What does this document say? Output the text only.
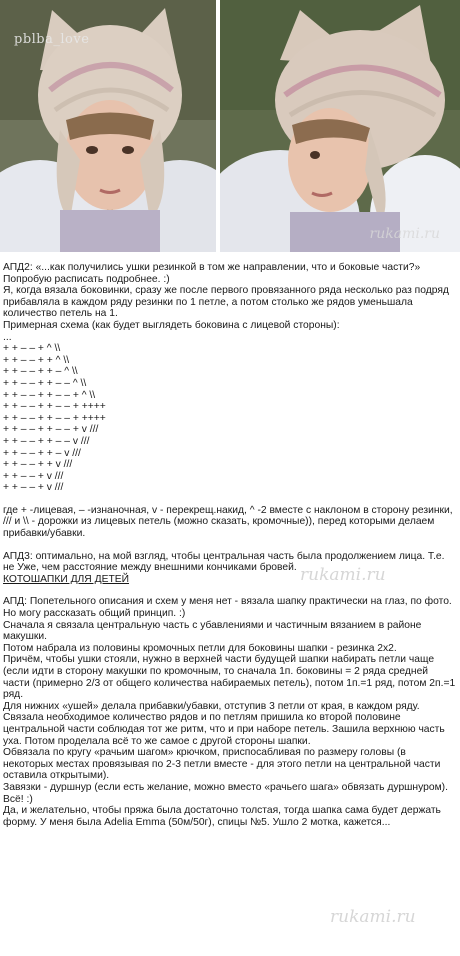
pblba_love
rukami.ru

АПД2: «...как получились ушки резинкой в том же направлении, что и боковые части?»

Попробую расписать подробнее. :)

Я, когда вязала боковинки, сразу же после первого провязанного ряда несколько раз подряд прибавляла в каждом ряду резинки по 1 петле, а потом столько же рядов уменьшала количество петель на 1.

Примерная схема (как будет выглядеть боковина с лицевой стороны):

...

+ + – – + ^ \\
+ + – – + + ^ \\
+ + – – + + – ^ \\
+ + – – + + – – ^ \\
+ + – – + + – – + ^ \\
+ + – – + + – – + ++++
+ + – – + + – – + ++++
+ + – – + + – – + v ///
+ + – – + + – – v ///
+ + – – + + – v ///
+ + – – + + v ///
+ + – – + v ///
+ + – – + v ///

где + -лицевая, – -изнаночная, v - перекрещ.накид, ^ -2 вместе с наклоном в сторону резинки, /// и \\ - дорожки из лицевых петель (можно сказать, кромочные)), перед которыми делаем прибавки/убавки.

АПД3: оптимально, на мой взгляд, чтобы центральная часть была продолжением лица. Т.е. не Уже, чем расстояние между внешними кончиками бровей.

КОТОШАПКИ ДЛЯ ДЕТЕЙ

АПД: Попетельного описания и схем у меня нет - вязала шапку практически на глаз, по фото.

Но могу рассказать общий принцип. :)

Сначала я связала центральную часть с убавлениями и частичным вязанием в районе макушки.

Потом набрала из половины кромочных петли для боковины шапки - резинка 2х2.

Причём, чтобы ушки стояли, нужно в верхней части будущей шапки набирать петли чаще (если идти в сторону макушки по кромочным, то сначала 1п. боковины = 2 ряда средней части (примерно 2/3 от общего количества набираемых петель), потом 1п.=1 ряд, потом 2п.=1 ряд.

Для нижних «ушей» делала прибавки/убавки, отступив 3 петли от края, в каждом ряду.

Связала необходимое количество рядов и по петлям пришила ко второй половине центральной части соблюдая тот же ритм, что и при наборе петель. Зашила верхнюю часть уха. Потом проделала всё то же самое с другой стороны шапки.

Обвязала по кругу «рачьим шагом» крючком, приспосабливая по размеру головы (в некоторых местах провязывая по 2-3 петли вместе - для этого петли на центральной части оставила открытыми).

Завязки - дуршнур (если есть желание, можно вместо «рачьего шага» обвязать дуршнуром). Всё! :)

Да, и желательно, чтобы пряжа была достаточно толстая, тогда шапка сама будет держать форму. У меня была Adelia Emma (50м/50г), спицы №5. Ушло 2 мотка, кажется...

rukami.ru
rukami.ru
